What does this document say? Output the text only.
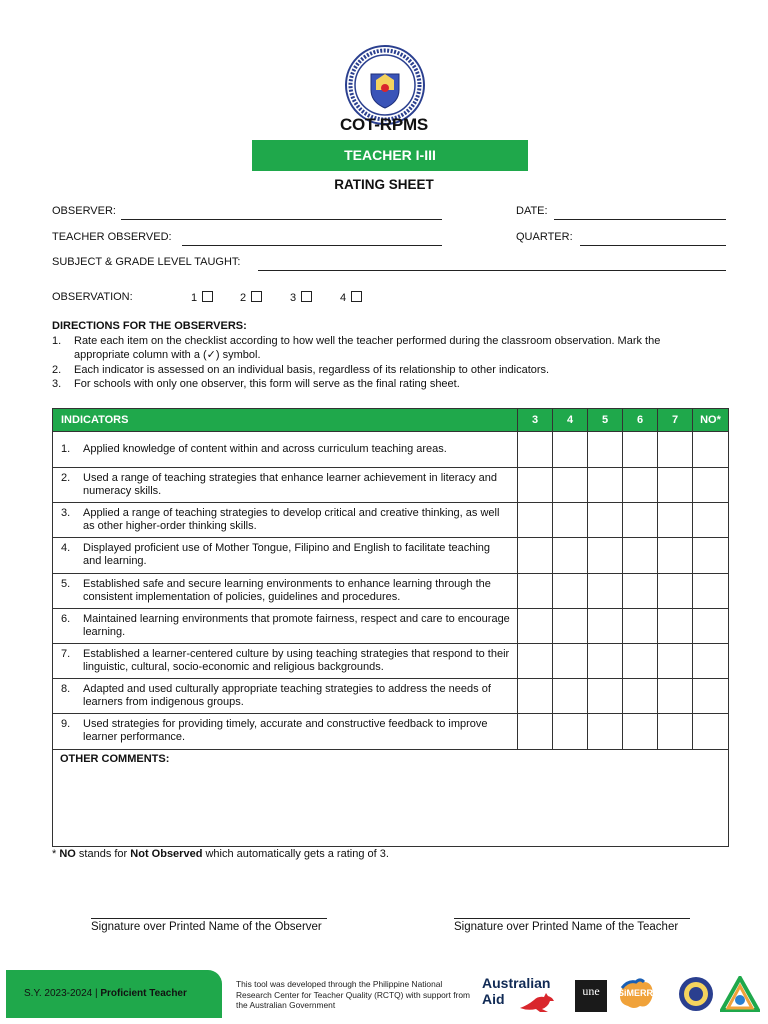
COT-RPMS
TEACHER I-III
RATING SHEET
OBSERVER:	DATE:
TEACHER OBSERVED:	QUARTER:
SUBJECT & GRADE LEVEL TAUGHT:
OBSERVATION:	1	2	3	4
DIRECTIONS FOR THE OBSERVERS:
1.	Rate each item on the checklist according to how well the teacher performed during the classroom observation. Mark the appropriate column with a (✓) symbol.
2.	Each indicator is assessed on an individual basis, regardless of its relationship to other indicators.
3.	For schools with only one observer, this form will serve as the final rating sheet.
INDICATORS	3	4	5	6	7	NO*

1. Applied knowledge of content within and across curriculum teaching areas.						

2. Used a range of teaching strategies that enhance learner achievement in literacy and numeracy skills.						

3. Applied a range of teaching strategies to develop critical and creative thinking, as well as other higher-order thinking skills.						

4. Displayed proficient use of Mother Tongue, Filipino and English to facilitate teaching and learning.						

5. Established safe and secure learning environments to enhance learning through the consistent implementation of policies, guidelines and procedures.						

6. Maintained learning environments that promote fairness, respect and care to encourage learning.						

7. Established a learner-centered culture by using teaching strategies that respond to their linguistic, cultural, socio-economic and religious backgrounds.						

8. Adapted and used culturally appropriate teaching strategies to address the needs of learners from indigenous groups.						

9. Used strategies for providing timely, accurate and constructive feedback to improve learner performance.						

OTHER COMMENTS:						
* NO stands for Not Observed which automatically gets a rating of 3.
Signature over Printed Name of the Observer	Signature over Printed Name of the Teacher
S.Y. 2023-2024 | Proficient Teacher
This tool was developed through the Philippine National Research Center for Teacher Quality (RCTQ) with support from the Australian Government
Australian
Aid	une	SiMERR
